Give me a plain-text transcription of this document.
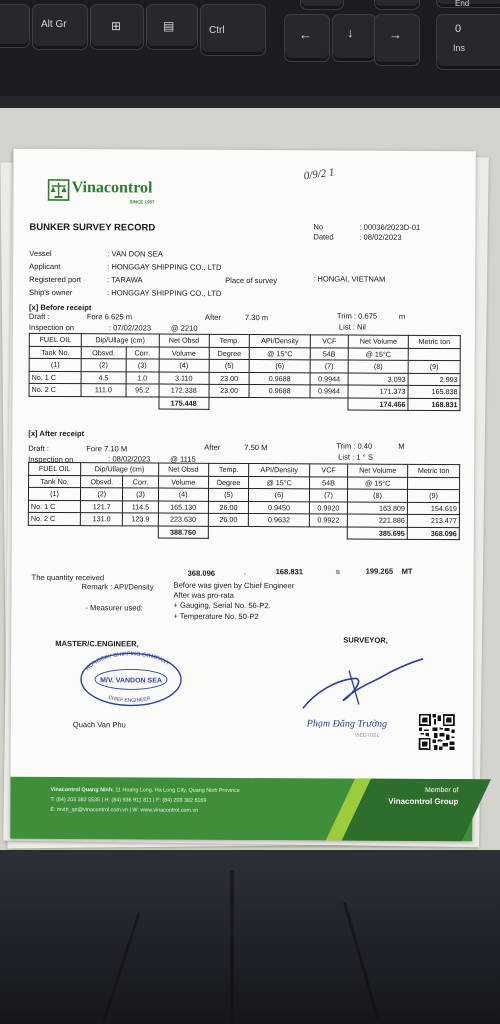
Alt Gr	⊞	▤	Ctrl	←	↓	→	0
Ins
End
Vinacontrol
SINCE 1957
0/9/2 1
BUNKER SURVEY RECORD	No	: 00036/2023D-01
Dated	: 08/02/2023
Vessel	: VAN DON SEA
Applicant	: HONGGAY SHIPPING CO., LTD
Registered port	: TARAWA	Place of survey	: HONGAI, VIETNAM
Ship's owner	: HONGGAY SHIPPING CO., LTD
[x] Before receipt
Draft :	Fore 6.625 m	After	7.30 m	Trim : 0.675	m
Inspection on	: 07/02/2023	@ 2210	List : Nil
FUEL OIL	Dip/Ullage (cm)		Net Obsd	Temp.	API/Density	VCF	Net Volume	Metric ton
Tank No.	Obsvd.	Corr.	Volume	Degree	@ 15°C	54B	@ 15°C	
(1)	(2)	(3)	(4)	(5)	(6)	(7)	(8)	(9)
No. 1 C	4.5	1.0	3.110	23.00	0.9688	0.9944	3.093	2.993
No. 2 C	111.0	95.2	172.338	23.00	0.9688	0.9944	171.373	165.838
			175.448				174.466	168.831
[x] After receipt
Draft :	Fore 7.10 M	After	7.50 M	Trim : 0.40	M
Inspection on	: 08/02/2023	@ 1115	List : 1 ° S
FUEL OIL	Dip/Ullage (cm)		Net Obsd	Temp.	API/Density	VCF	Net Volume	Metric ton
Tank No.	Obsvd.	Corr.	Volume	Degree	@ 15°C	54B	@ 15°C	
(1)	(2)	(3)	(4)	(5)	(6)	(7)	(8)	(9)
No. 1 C	121.7	114.5	165.130	26.00	0.9450	0.9920	163.809	154.619
No. 2 C	131.0	123.9	223.630	26.00	0.9632	0.9922	221.886	213.477
			388.760				385.695	368.096
The quantity received	368.096	-	168.831	=	199.265 MT
Remark : API/Density	Before was given by Chief Engineer
After was pro-rata
- Measurer used:	+ Gauging, Serial No. 56-P2.
+ Temperature No. 50-P2
MASTER/C.ENGINEER,	SURVEYOR,
HONGGAY SHIPPING COMPANY
M/V. VANDON SEA
CHIEF ENGINEER
Quach Van Phu	Phạm Đăng Trường
VIEO 0321
Vinacontrol Quang Ninh: 11 Hoang Long, Ha Long City, Quang Ninh Province
T: (84) 203 382 5535 | H: (84) 936 911 811 | F: (84) 203 382 6169
E: mvth_qn@vinacontrol.com.vn | W: www.vinacontrol.com.vn
Member of
Vinacontrol Group
